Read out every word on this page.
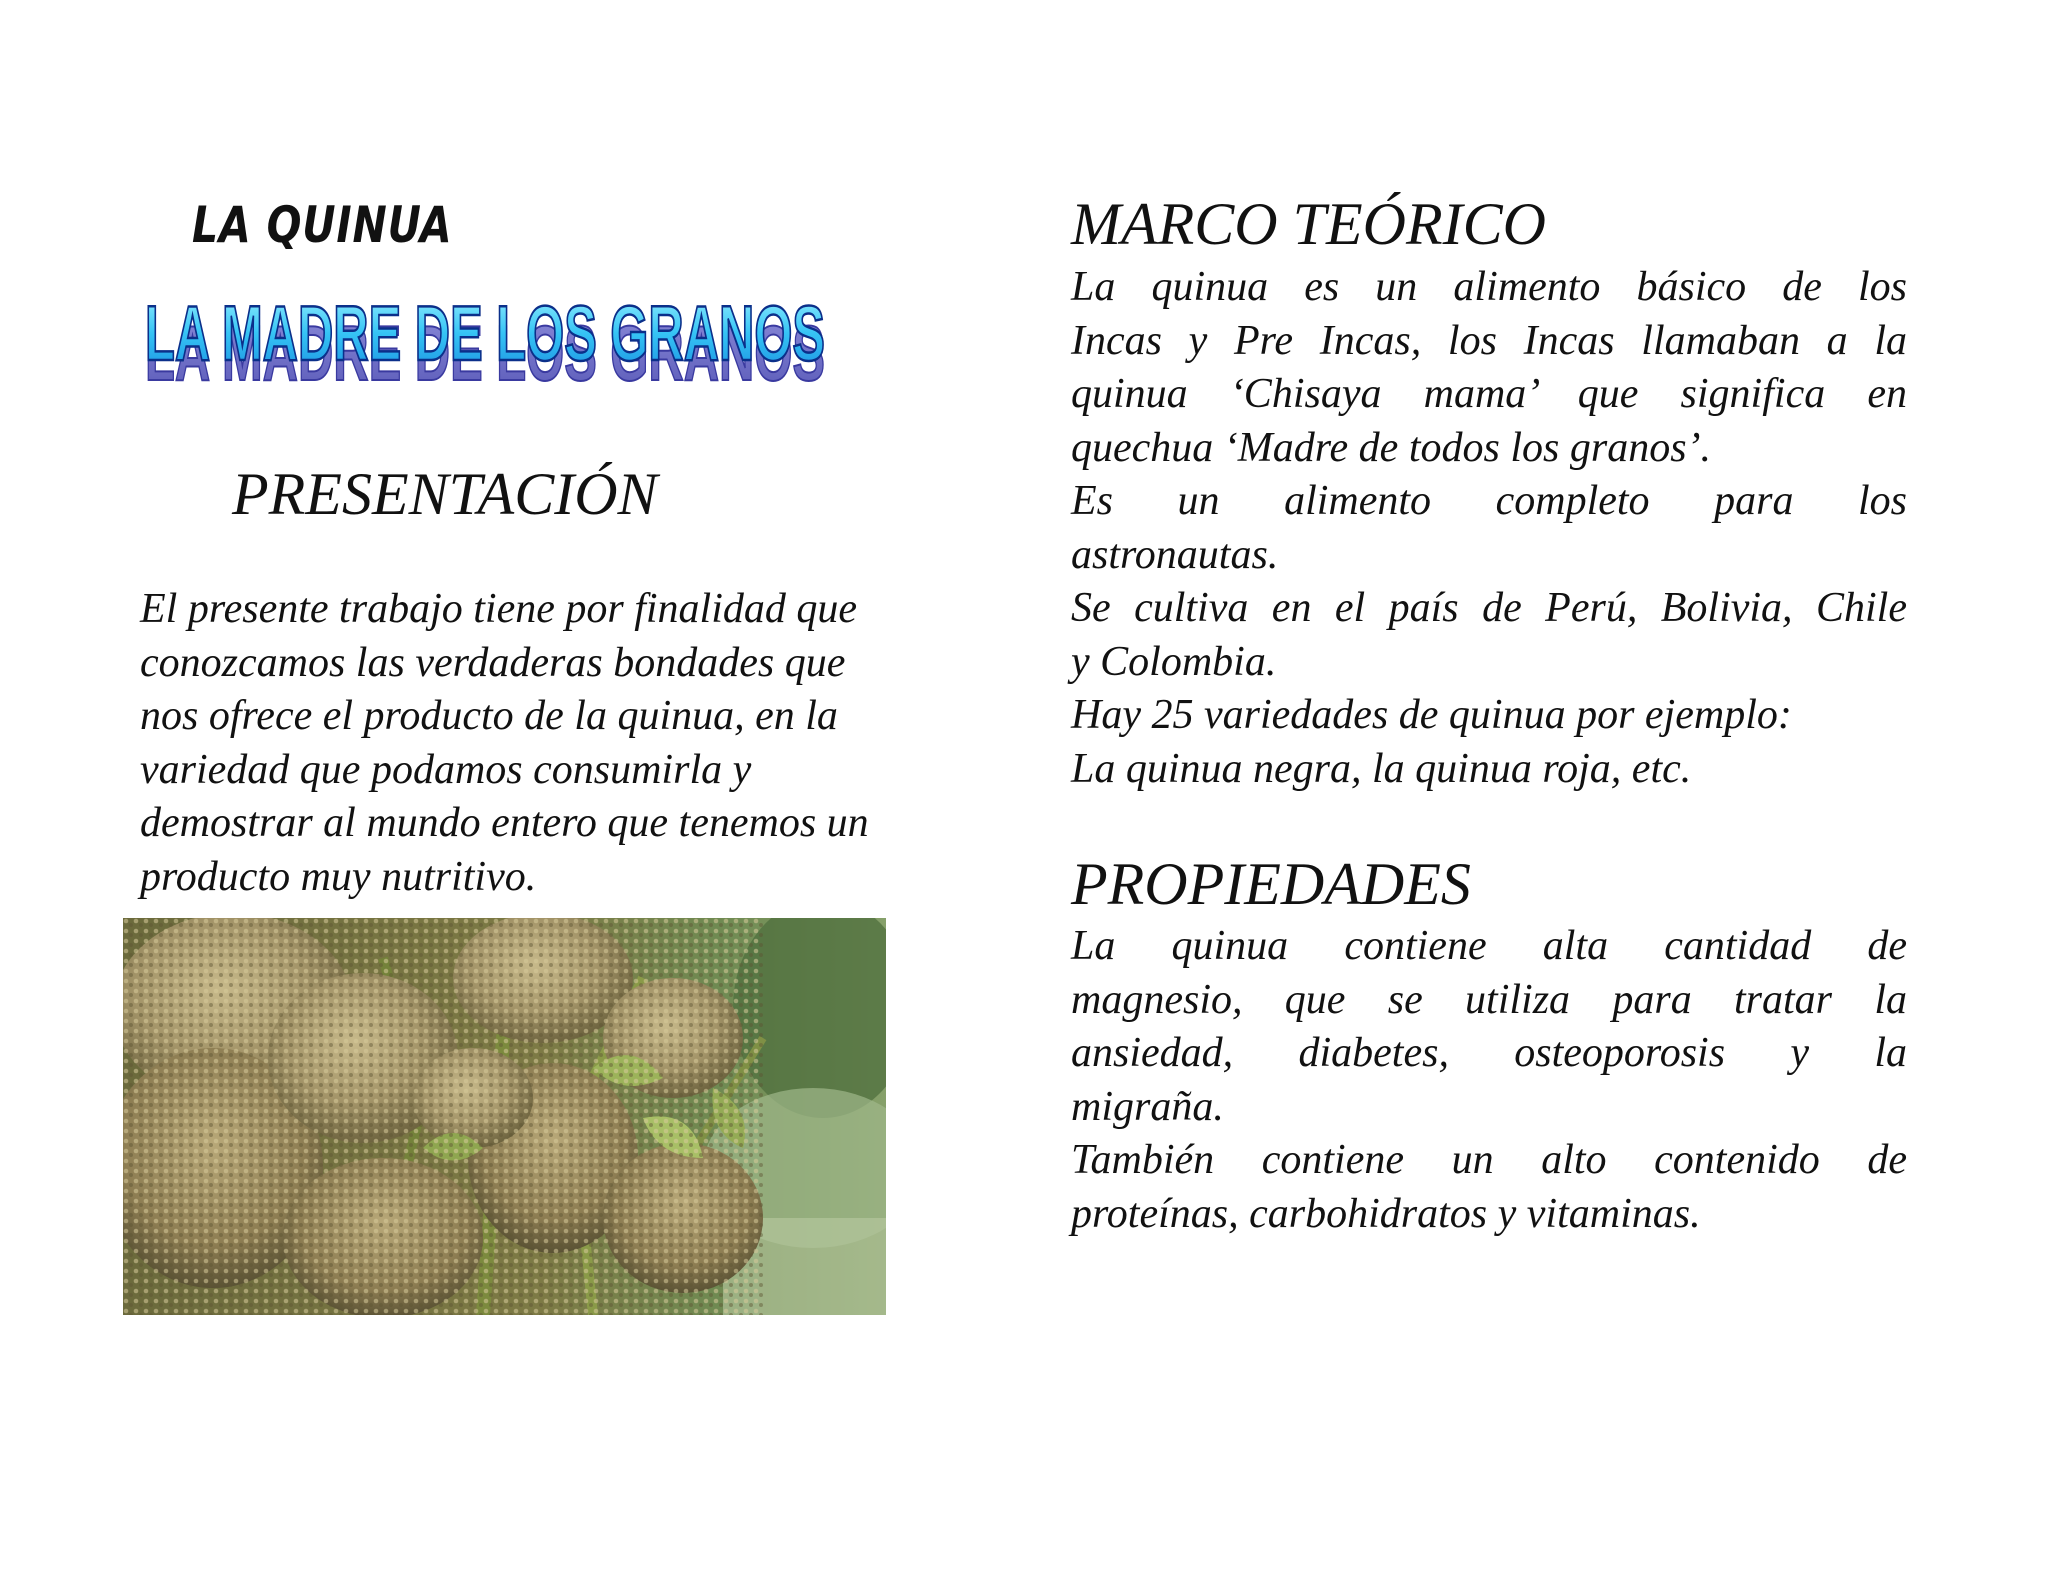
LA QUINUA
LA MADRE DE LOS GRANOS
LA MADRE DE LOS GRANOS
PRESENTACIÓN
El presente trabajo tiene por finalidad que
conozcamos las verdaderas bondades que
nos ofrece el producto de la quinua, en la
variedad que podamos consumirla y
demostrar al mundo entero que tenemos un
producto muy nutritivo.
MARCO TEÓRICO
La quinua es un alimento básico de los
Incas y Pre Incas, los Incas llamaban a la
quinua ‘Chisaya mama’ que significa en
quechua ‘Madre de todos los granos’.
Es un alimento completo para los
astronautas.
Se cultiva en el país de Perú, Bolivia, Chile
y Colombia.
Hay 25 variedades de quinua por ejemplo:
La quinua negra, la quinua roja, etc.
PROPIEDADES
La quinua contiene alta cantidad de
magnesio, que se utiliza para tratar la
ansiedad, diabetes, osteoporosis y la
migraña.
También contiene un alto contenido de
proteínas, carbohidratos y vitaminas.
